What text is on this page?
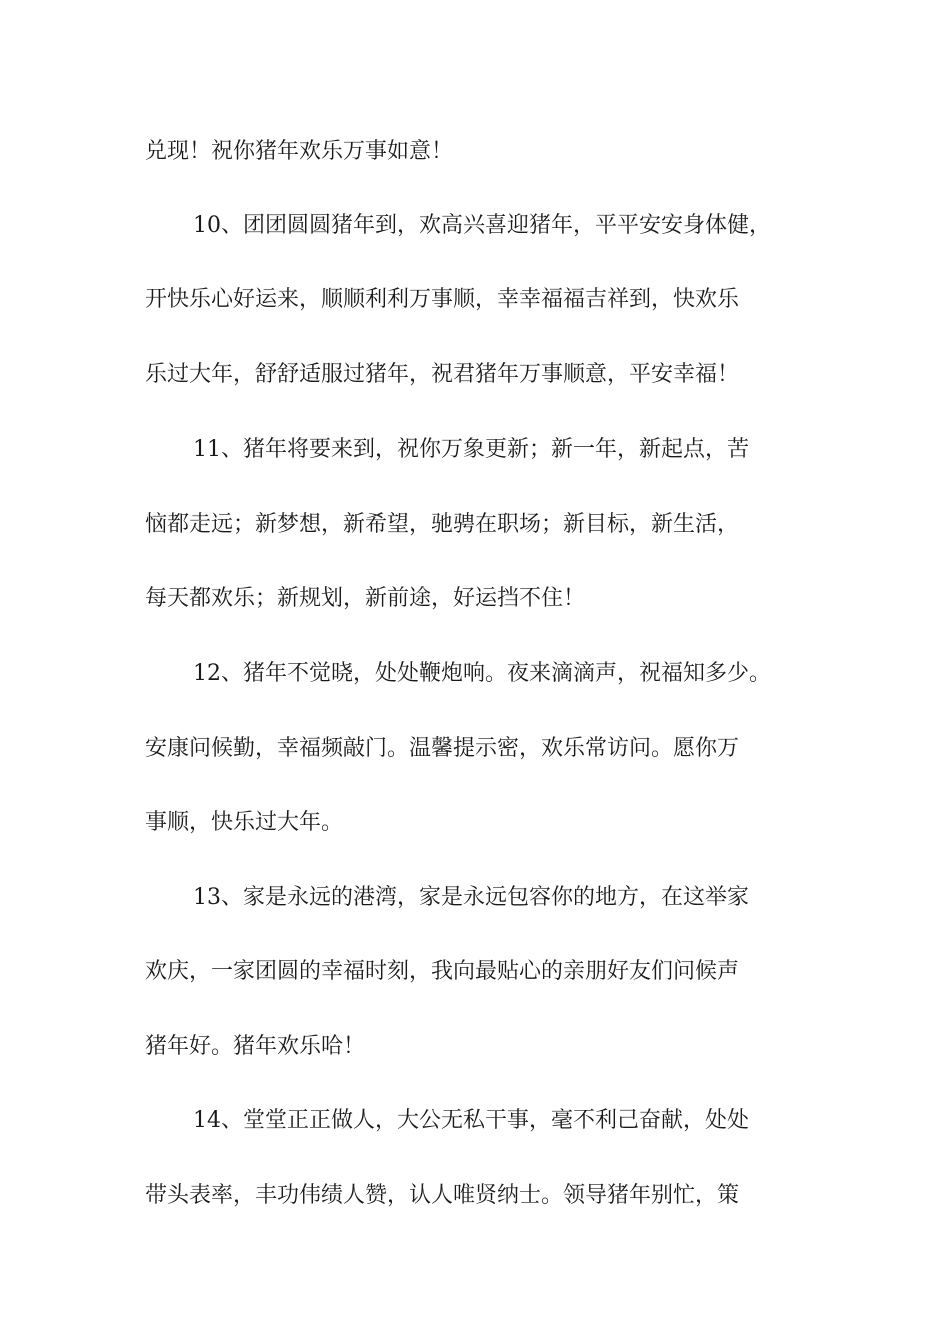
兑现！祝你猪年欢乐万事如意！
10、团团圆圆猪年到，欢高兴喜迎猪年，平平安安身体健，
开快乐心好运来，顺顺利利万事顺，幸幸福福吉祥到，快欢乐
乐过大年，舒舒适服过猪年，祝君猪年万事顺意，平安幸福！
11、猪年将要来到，祝你万象更新；新一年，新起点，苦
恼都走远；新梦想，新希望，驰骋在职场；新目标，新生活，
每天都欢乐；新规划，新前途，好运挡不住！
12、猪年不觉晓，处处鞭炮响。夜来滴滴声，祝福知多少。
安康问候勤，幸福频敲门。温馨提示密，欢乐常访问。愿你万
事顺，快乐过大年。
13、家是永远的港湾，家是永远包容你的地方，在这举家
欢庆，一家团圆的幸福时刻，我向最贴心的亲朋好友们问候声
猪年好。猪年欢乐哈！
14、堂堂正正做人，大公无私干事，毫不利己奋献，处处
带头表率，丰功伟绩人赞，认人唯贤纳士。领导猪年别忙，策
